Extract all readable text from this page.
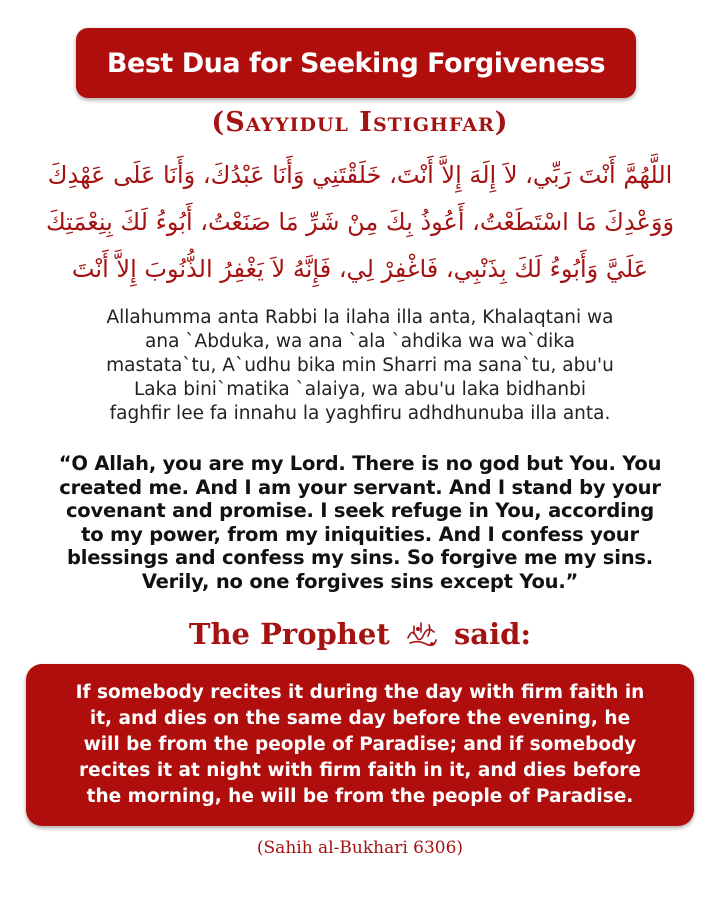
Best Dua for Seeking Forgiveness
(Sayyidul Istighfar)
اللَّهُمَّ أَنْتَ رَبِّي، لاَ إِلَهَ إِلاَّ أَنْتَ، خَلَقْتَنِي وَأَنَا عَبْدُكَ، وَأَنَا عَلَى عَهْدِكَ
وَوَعْدِكَ مَا اسْتَطَعْتُ، أَعُوذُ بِكَ مِنْ شَرِّ مَا صَنَعْتُ، أَبُوءُ لَكَ بِنِعْمَتِكَ
عَلَيَّ وَأَبُوءُ لَكَ بِذَنْبِي، فَاغْفِرْ لِي، فَإِنَّهُ لاَ يَغْفِرُ الذُّنُوبَ إِلاَّ أَنْتَ
Allahumma anta Rabbi la ilaha illa anta, Khalaqtani wa
ana `Abduka, wa ana `ala `ahdika wa wa`dika
mastata`tu, A`udhu bika min Sharri ma sana`tu, abu'u
Laka bini`matika `alaiya, wa abu'u laka bidhanbi
faghfir lee fa innahu la yaghfiru adhdhunuba illa anta.
“O Allah, you are my Lord. There is no god but You. You
created me. And I am your servant. And I stand by your
covenant and promise. I seek refuge in You, according
to my power, from my iniquities. And I confess your
blessings and confess my sins. So forgive me my sins.
Verily, no one forgives sins except You.”
The Prophet said:
If somebody recites it during the day with firm faith in
it, and dies on the same day before the evening, he
will be from the people of Paradise; and if somebody
recites it at night with firm faith in it, and dies before
the morning, he will be from the people of Paradise.
(Sahih al-Bukhari 6306)
